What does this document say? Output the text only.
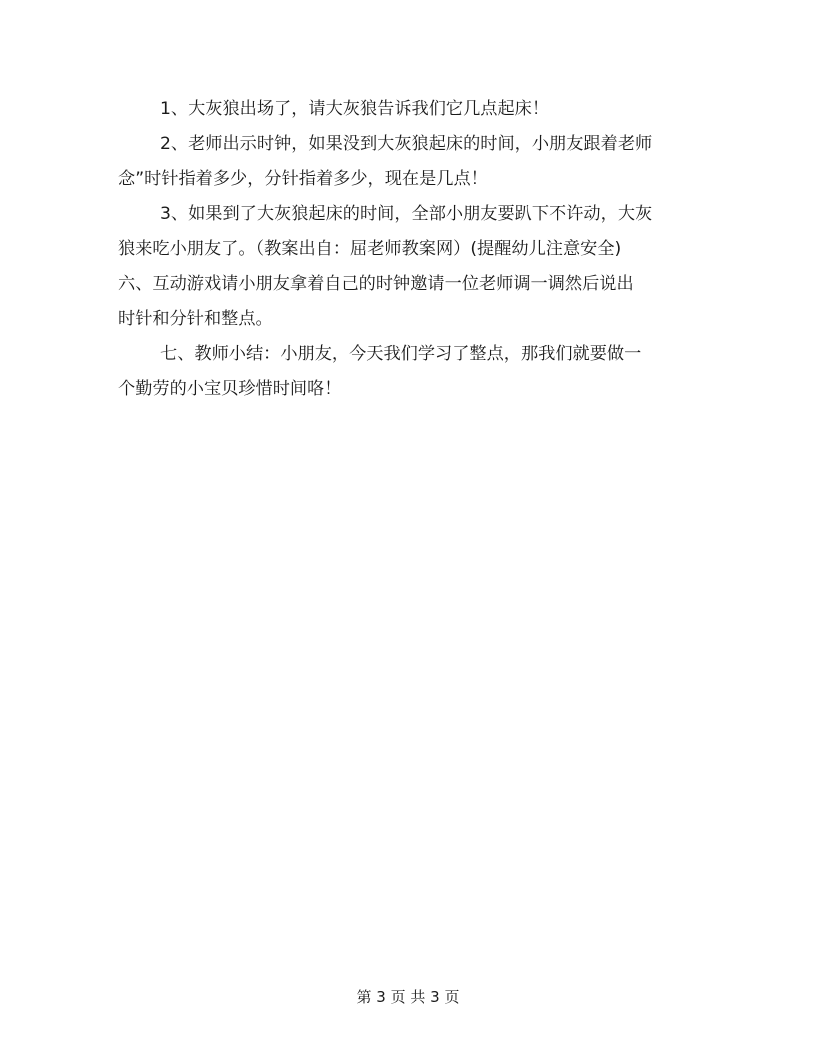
1、大灰狼出场了，请大灰狼告诉我们它几点起床！
2、老师出示时钟，如果没到大灰狼起床的时间，小朋友跟着老师
念”时针指着多少，分针指着多少，现在是几点！
3、如果到了大灰狼起床的时间，全部小朋友要趴下不许动，大灰
狼来吃小朋友了。（教案出自：屈老师教案网）(提醒幼儿注意安全)
六、互动游戏请小朋友拿着自己的时钟邀请一位老师调一调然后说出
时针和分针和整点。
七、教师小结：小朋友，今天我们学习了整点，那我们就要做一
个勤劳的小宝贝珍惜时间咯！
第 3 页 共 3 页
